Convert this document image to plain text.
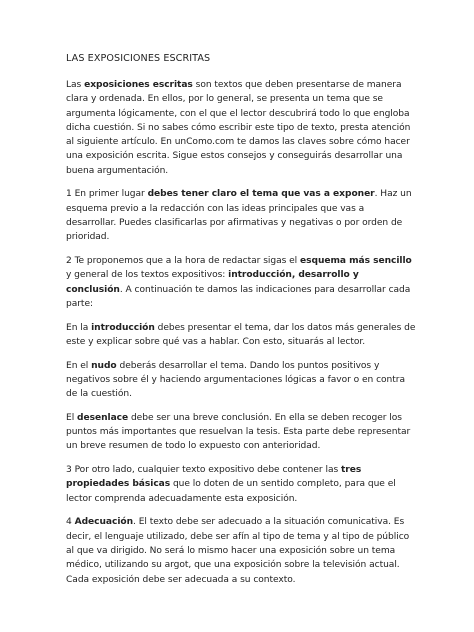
LAS EXPOSICIONES ESCRITAS

Las exposiciones escritas son textos que deben presentarse de manera clara y ordenada. En ellos, por lo general, se presenta un tema que se argumenta lógicamente, con el que el lector descubrirá todo lo que engloba dicha cuestión. Si no sabes cómo escribir este tipo de texto, presta atención al siguiente artículo. En unComo.com te damos las claves sobre cómo hacer una exposición escrita. Sigue estos consejos y conseguirás desarrollar una buena argumentación.

1 En primer lugar debes tener claro el tema que vas a exponer. Haz un esquema previo a la redacción con las ideas principales que vas a desarrollar. Puedes clasificarlas por afirmativas y negativas o por orden de prioridad.

2 Te proponemos que a la hora de redactar sigas el esquema más sencillo y general de los textos expositivos: introducción, desarrollo y conclusión. A continuación te damos las indicaciones para desarrollar cada parte:

En la introducción debes presentar el tema, dar los datos más generales de este y explicar sobre qué vas a hablar. Con esto, situarás al lector.

En el nudo deberás desarrollar el tema. Dando los puntos positivos y negativos sobre él y haciendo argumentaciones lógicas a favor o en contra de la cuestión.

El desenlace debe ser una breve conclusión. En ella se deben recoger los puntos más importantes que resuelvan la tesis. Esta parte debe representar un breve resumen de todo lo expuesto con anterioridad.

3 Por otro lado, cualquier texto expositivo debe contener las tres propiedades básicas que lo doten de un sentido completo, para que el lector comprenda adecuadamente esta exposición.

4 Adecuación. El texto debe ser adecuado a la situación comunicativa. Es decir, el lenguaje utilizado, debe ser afín al tipo de tema y al tipo de público al que va dirigido. No será lo mismo hacer una exposición sobre un tema médico, utilizando su argot, que una exposición sobre la televisión actual. Cada exposición debe ser adecuada a su contexto.
